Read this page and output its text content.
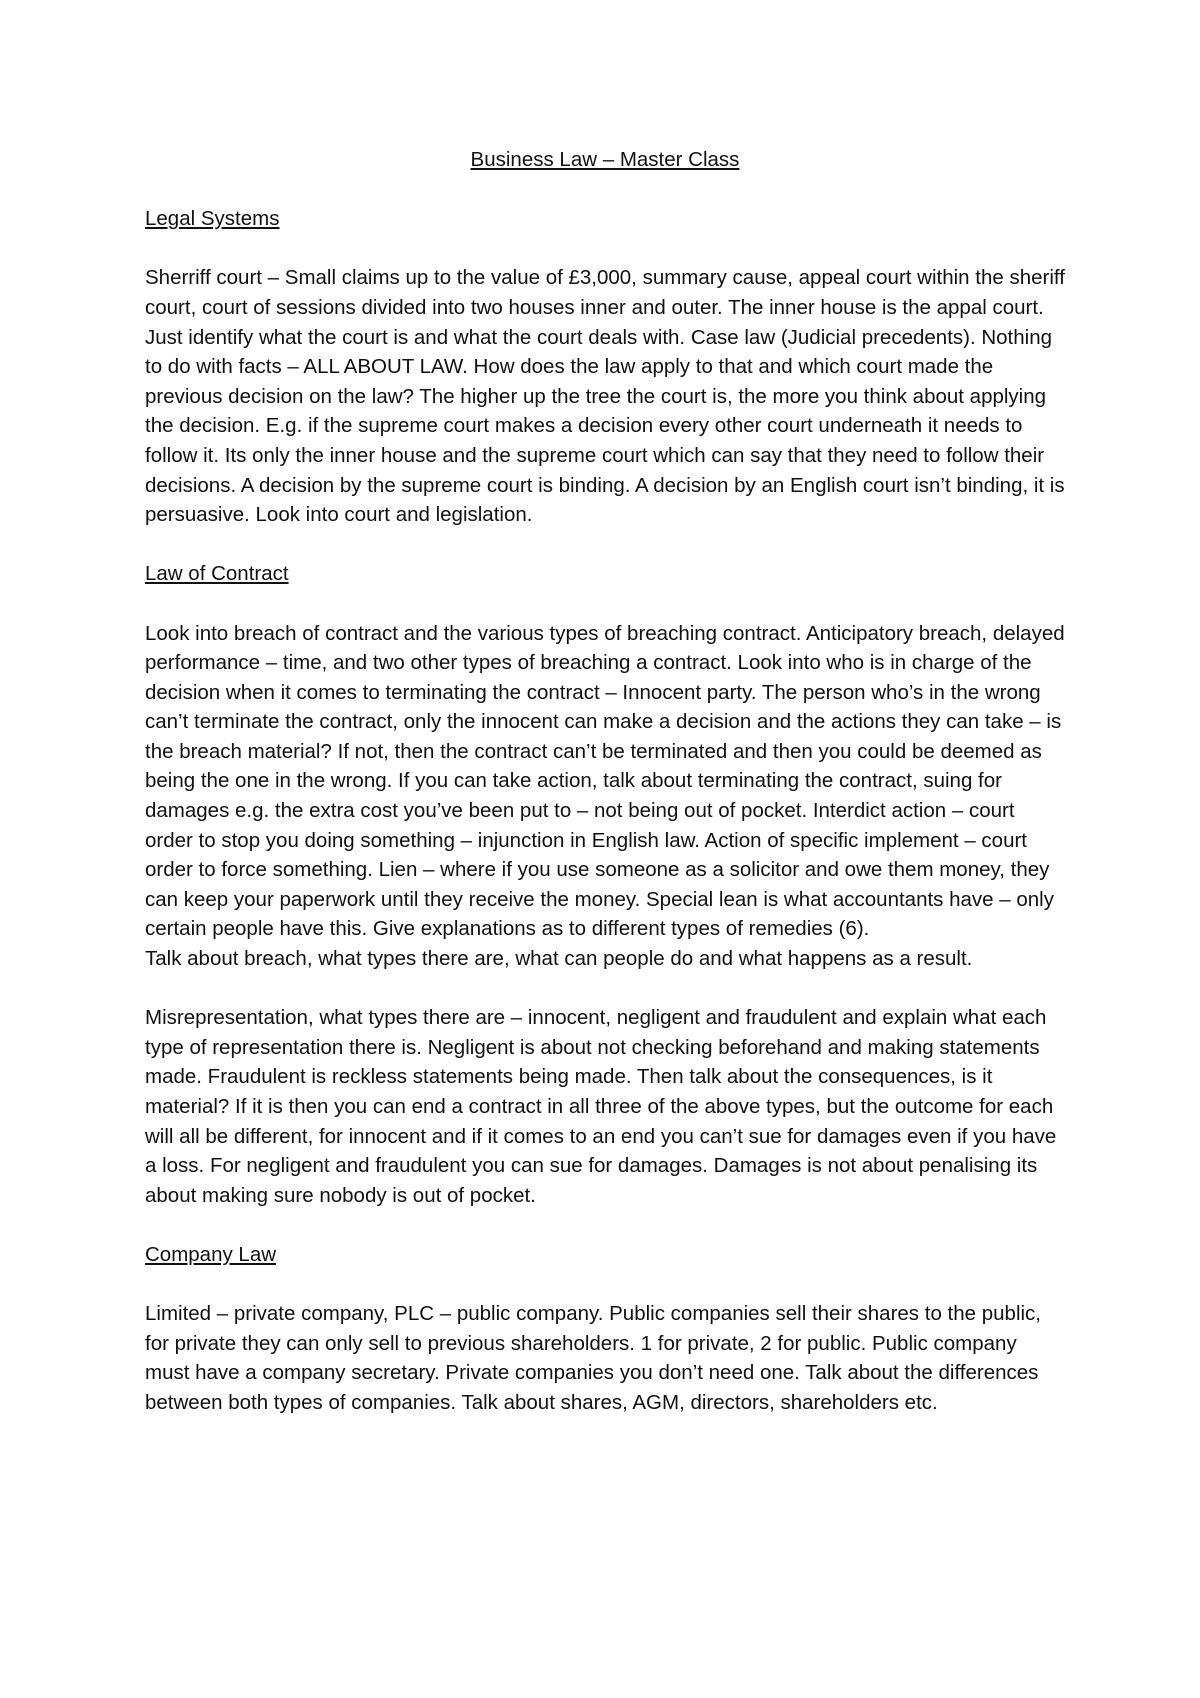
Business Law – Master Class
Legal Systems

Sherriff court – Small claims up to the value of £3,000, summary cause, appeal court within the sheriff court, court of sessions divided into two houses inner and outer. The inner house is the appal court. Just identify what the court is and what the court deals with. Case law (Judicial precedents). Nothing to do with facts – ALL ABOUT LAW. How does the law apply to that and which court made the previous decision on the law? The higher up the tree the court is, the more you think about applying the decision. E.g. if the supreme court makes a decision every other court underneath it needs to follow it. Its only the inner house and the supreme court which can say that they need to follow their decisions. A decision by the supreme court is binding. A decision by an English court isn’t binding, it is persuasive. Look into court and legislation.

Law of Contract

Look into breach of contract and the various types of breaching contract. Anticipatory breach, delayed performance – time, and two other types of breaching a contract. Look into who is in charge of the decision when it comes to terminating the contract – Innocent party. The person who’s in the wrong can’t terminate the contract, only the innocent can make a decision and the actions they can take – is the breach material? If not, then the contract can’t be terminated and then you could be deemed as being the one in the wrong. If you can take action, talk about terminating the contract, suing for damages e.g. the extra cost you’ve been put to – not being out of pocket. Interdict action – court order to stop you doing something – injunction in English law. Action of specific implement – court order to force something. Lien – where if you use someone as a solicitor and owe them money, they can keep your paperwork until they receive the money. Special lean is what accountants have – only certain people have this. Give explanations as to different types of remedies (6).

Talk about breach, what types there are, what can people do and what happens as a result.

Misrepresentation, what types there are – innocent, negligent and fraudulent and explain what each type of representation there is. Negligent is about not checking beforehand and making statements made. Fraudulent is reckless statements being made. Then talk about the consequences, is it material? If it is then you can end a contract in all three of the above types, but the outcome for each will all be different, for innocent and if it comes to an end you can’t sue for damages even if you have a loss. For negligent and fraudulent you can sue for damages. Damages is not about penalising its about making sure nobody is out of pocket.

Company Law

Limited – private company, PLC – public company. Public companies sell their shares to the public, for private they can only sell to previous shareholders. 1 for private, 2 for public. Public company must have a company secretary. Private companies you don’t need one. Talk about the differences between both types of companies. Talk about shares, AGM, directors, shareholders etc.
